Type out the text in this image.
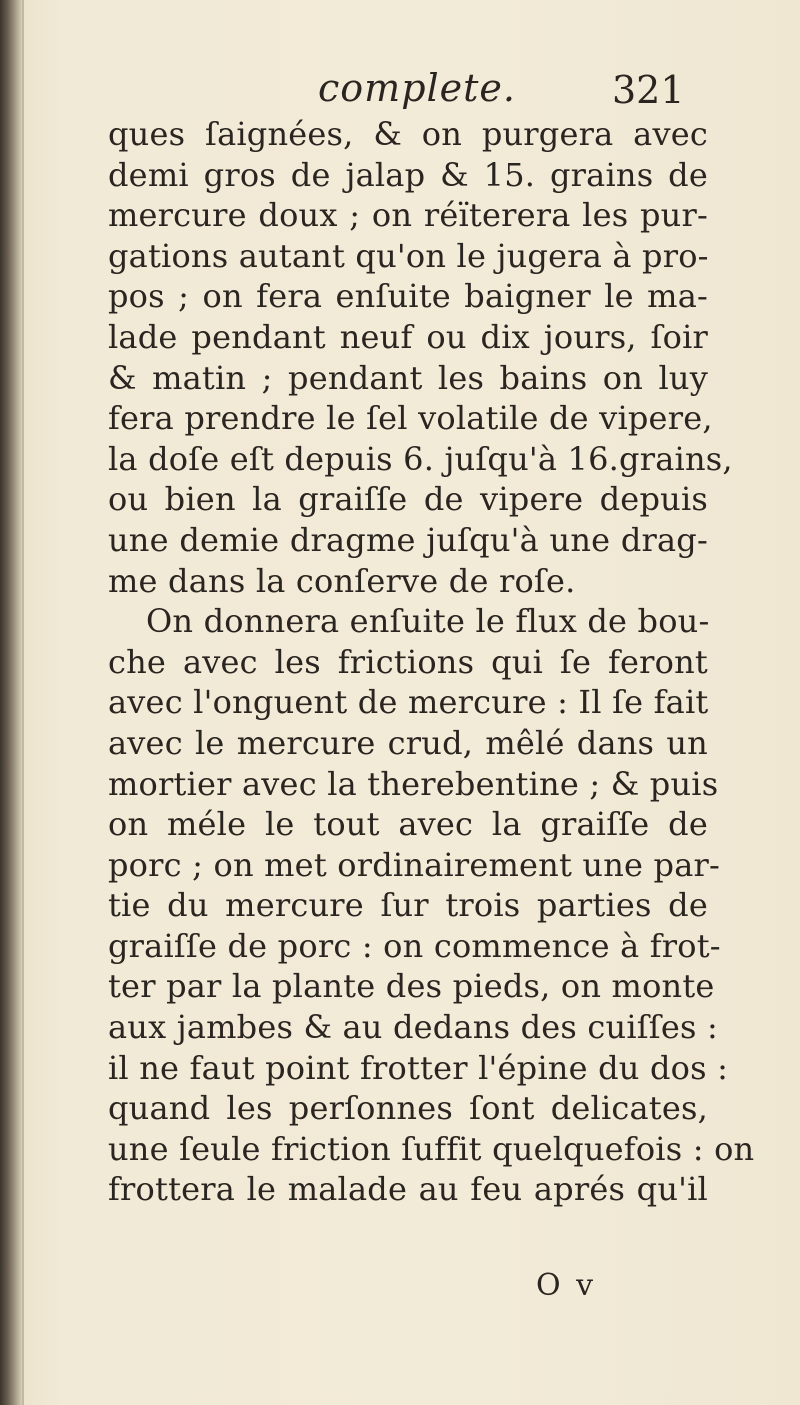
complete.	321
ques ſaignées, & on purgera avec
demi gros de jalap & 15. grains de
mercure doux ; on réïterera les pur-
gations autant qu'on le jugera à pro-
pos ; on fera enſuite baigner le ma-
lade pendant neuf ou dix jours, ſoir
& matin ; pendant les bains on luy
fera prendre le ſel volatile de vipere,
la doſe eſt depuis 6. juſqu'à 16.grains,
ou bien la graiſſe de vipere depuis
une demie dragme juſqu'à une drag-
me dans la conſerve de roſe.
On donnera enſuite le flux de bou-
che avec les frictions qui ſe feront
avec l'onguent de mercure : Il ſe fait
avec le mercure crud, mêlé dans un
mortier avec la therebentine ; & puis
on méle le tout avec la graiſſe de
porc ; on met ordinairement une par-
tie du mercure ſur trois parties de
graiſſe de porc : on commence à frot-
ter par la plante des pieds, on monte
aux jambes & au dedans des cuiſſes :
il ne faut point frotter l'épine du dos :
quand les perſonnes ſont delicates,
une ſeule friction ſuffit quelquefois : on
frottera le malade au feu aprés qu'il
O v
